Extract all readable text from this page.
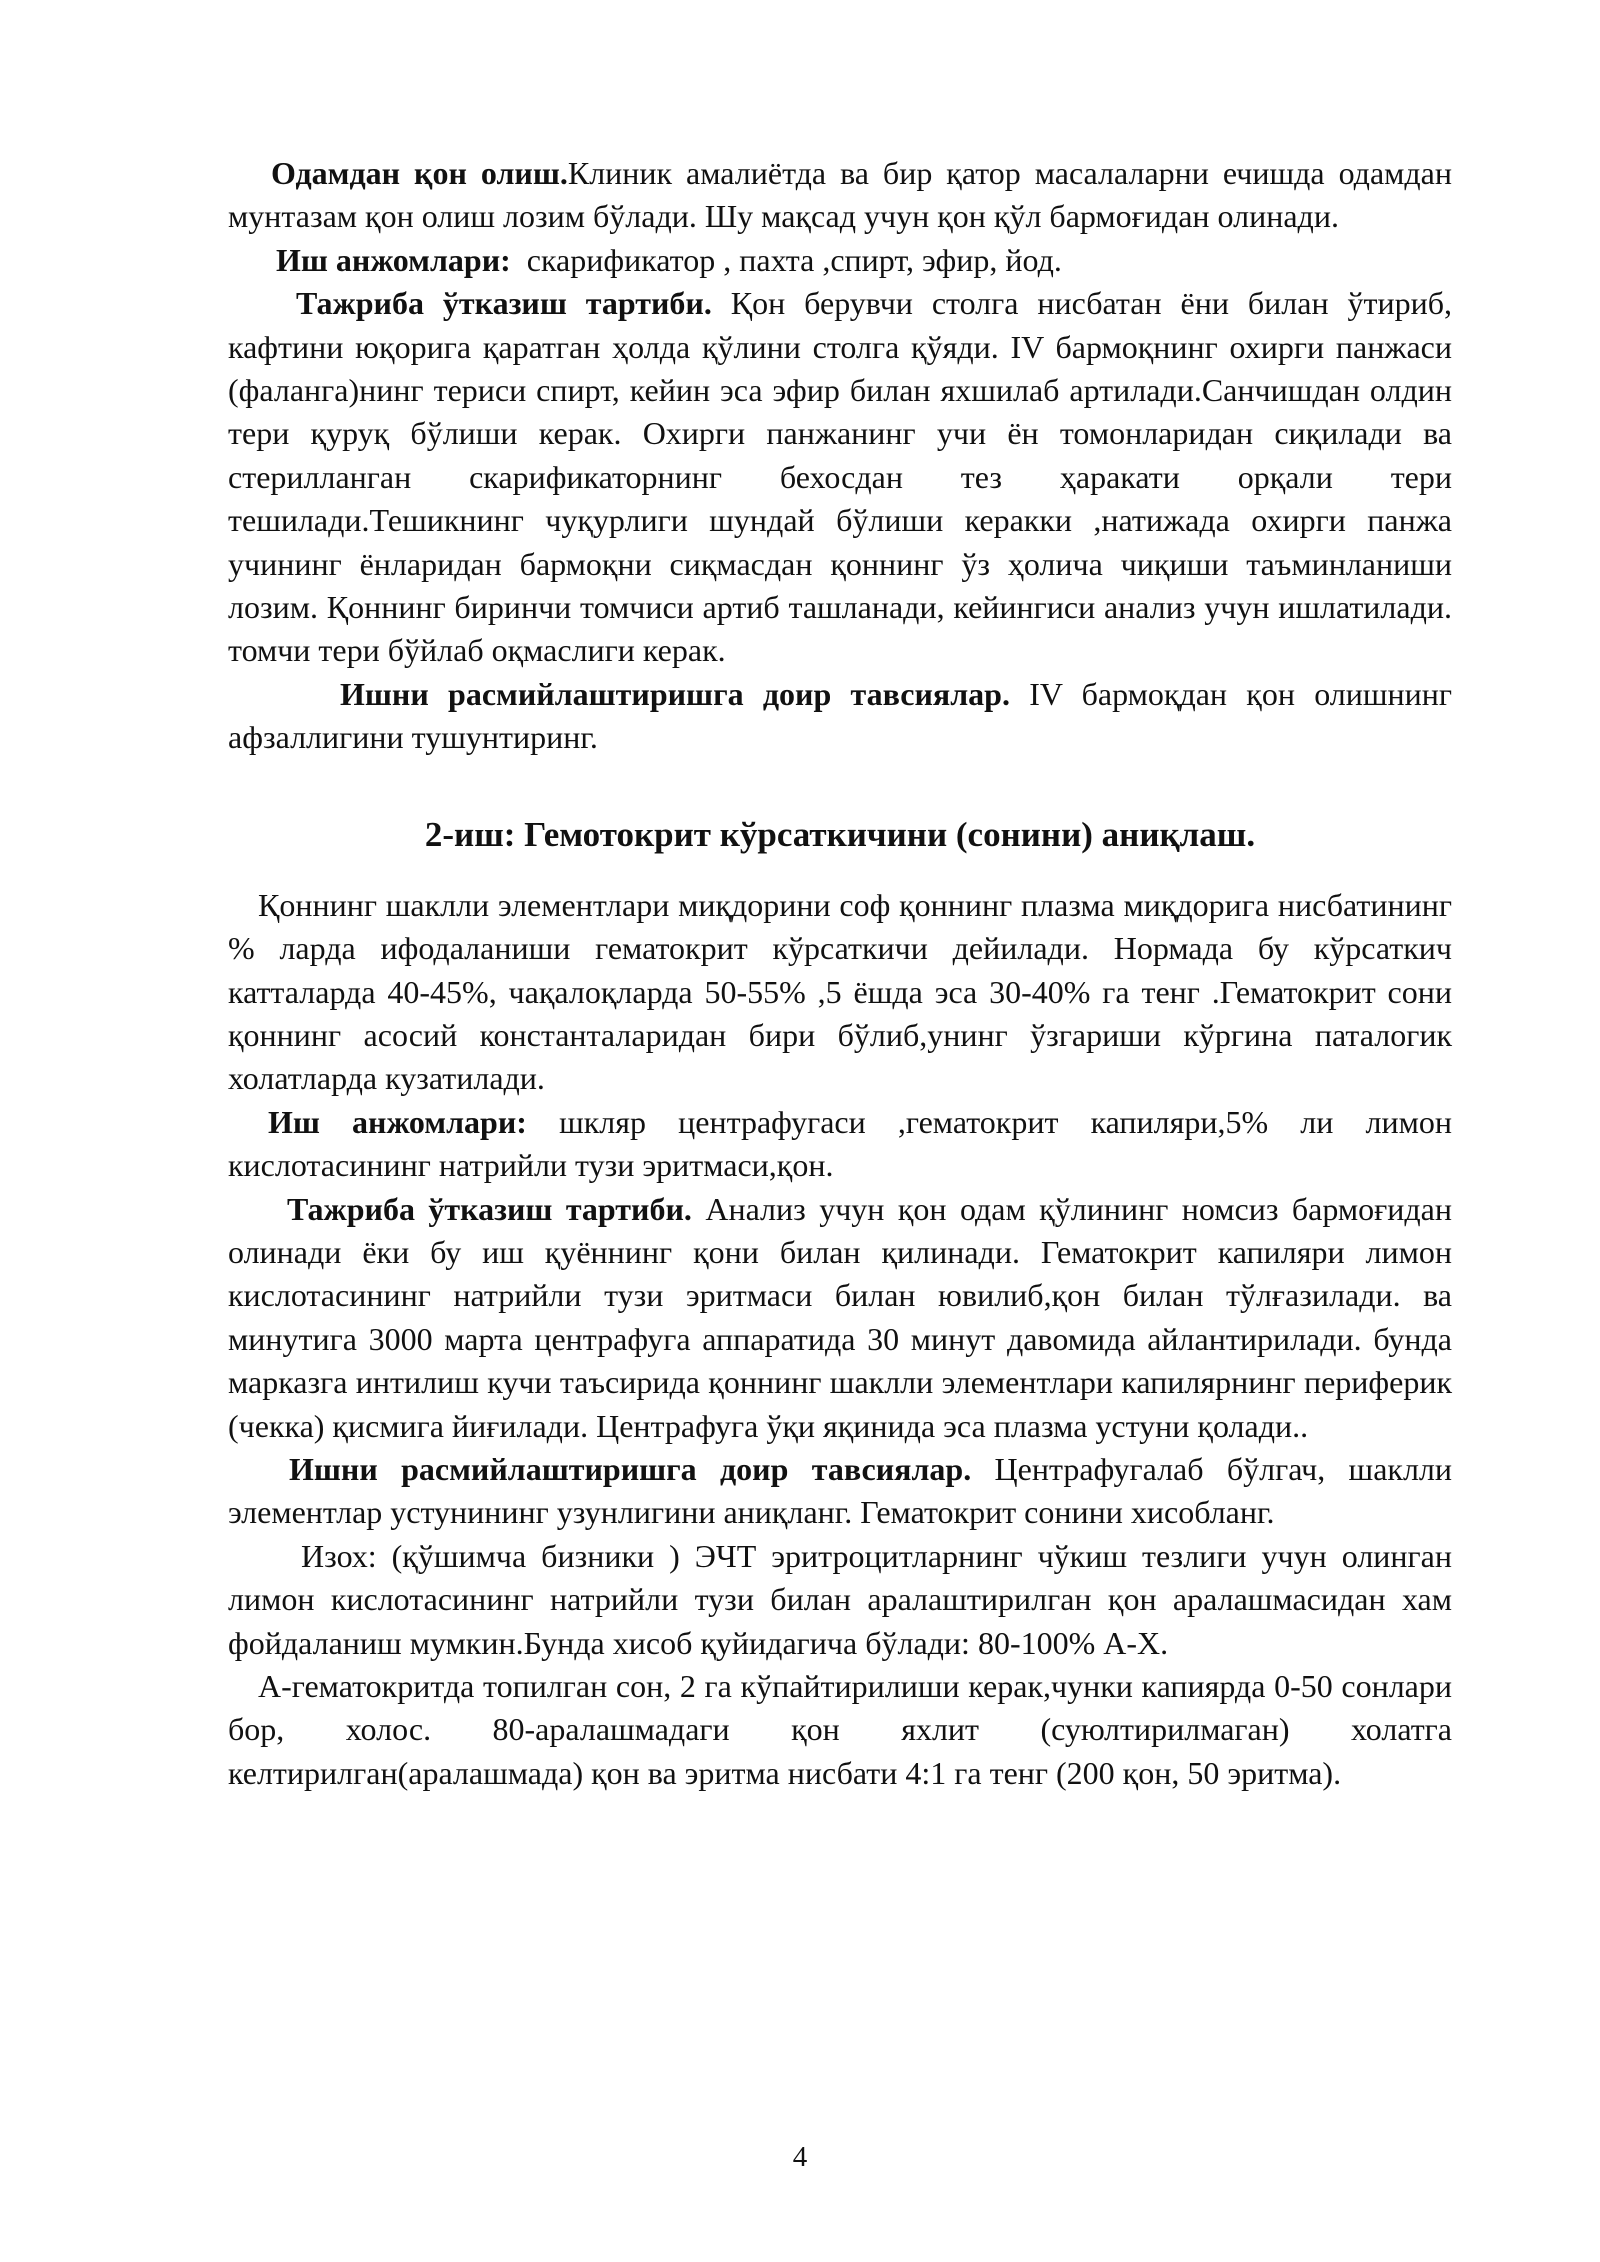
Одамдан қон олиш.Клиник амалиётда ва бир қатор масалаларни ечишда одамдан мунтазам қон олиш лозим бўлади. Шу мақсад учун қон қўл бармоғидан олинади.

Иш анжомлари:  скарификатор , пахта ,спирт, эфир, йод.

Тажриба ўтказиш тартиби. Қон берувчи столга нисбатан ёни билан ўтириб, кафтини юқорига қаратган ҳолда қўлини столга қўяди. IV бармоқнинг охирги панжаси (фаланга)нинг териси спирт, кейин эса эфир билан яхшилаб артилади.Санчишдан олдин тери қуруқ бўлиши керак. Охирги панжанинг учи ён томонларидан сиқилади ва стерилланган скарификаторнинг бехосдан тез ҳаракати орқали тери тешилади.Тешикнинг чуқурлиги шундай бўлиши керакки ,натижада охирги панжа учининг ёнларидан бармоқни сиқмасдан қоннинг ўз ҳолича чиқиши таъминланиши лозим. Қоннинг биринчи томчиси артиб ташланади, кейингиси анализ учун ишлатилади. томчи тери бўйлаб оқмаслиги керак.

Ишни расмийлаштиришга доир тавсиялар. IV бармоқдан қон олишнинг афзаллигини тушунтиринг.

2-иш: Гемотокрит кўрсаткичини (сонини) аниқлаш.

Қоннинг шаклли элементлари миқдорини соф қоннинг плазма миқдорига нисбатининг % ларда ифодаланиши гематокрит кўрсаткичи дейилади. Нормада бу кўрсаткич катталарда 40-45%, чақалоқларда 50-55% ,5 ёшда эса 30-40% га тенг .Гематокрит сони қоннинг асосий константаларидан бири бўлиб,унинг ўзгариши кўргина паталогик холатларда кузатилади.

Иш анжомлари: шкляр центрафугаси ,гематокрит капиляри,5% ли лимон кислотасининг натрийли тузи эритмаси,қон.

Тажриба ўтказиш тартиби. Анализ учун қон одам қўлининг номсиз бармоғидан олинади ёки бу иш қуённинг қони билан қилинади. Гематокрит капиляри лимон кислотасининг натрийли тузи эритмаси билан ювилиб,қон билан тўлғазилади. ва минутига 3000 марта центрафуга аппаратида 30 минут давомида айлантирилади. бунда марказга интилиш кучи таъсирида қоннинг шаклли элементлари капилярнинг периферик (чекка) қисмига йиғилади. Центрафуга ўқи яқинида эса плазма устуни қолади..

Ишни расмийлаштиришга доир тавсиялар. Центрафугалаб бўлгач, шаклли элементлар устунининг узунлигини аниқланг. Гематокрит сонини хисобланг.

Изох: (қўшимча бизники ) ЭЧТ эритроцитларнинг чўкиш тезлиги учун олинган лимон кислотасининг натрийли тузи билан аралаштирилган қон аралашмасидан хам фойдаланиш мумкин.Бунда хисоб қуйидагича бўлади: 80-100% А-Х.

А-гематокритда топилган сон, 2 га кўпайтирилиши керак,чунки капиярда 0-50 сонлари бор, холос. 80-аралашмадаги қон яхлит (суюлтирилмаган) холатга келтирилган(аралашмада) қон ва эритма нисбати 4:1 га тенг (200 қон, 50 эритма).

4
